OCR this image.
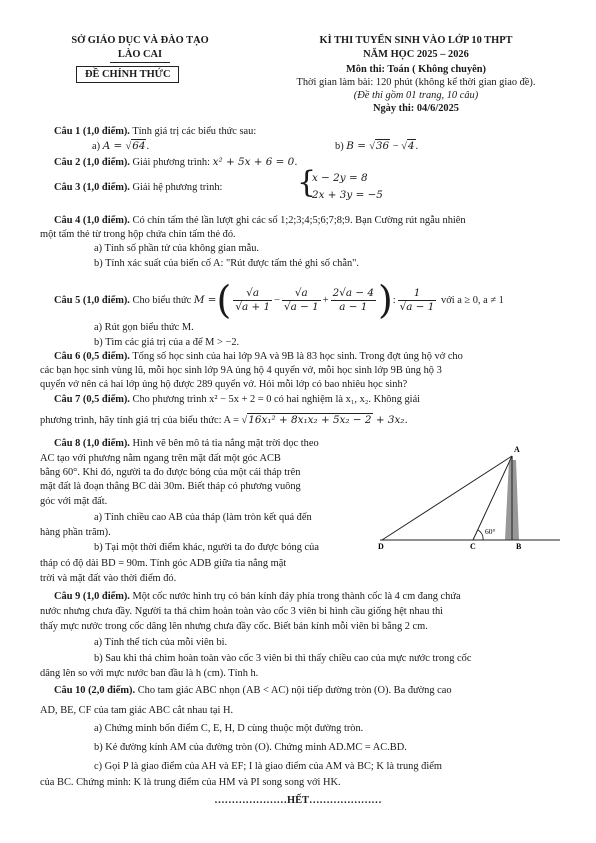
SỞ GIÁO DỤC VÀ ĐÀO TẠO
LÀO CAI
ĐỀ CHÍNH THỨC
KÌ THI TUYỂN SINH VÀO LỚP 10 THPT
NĂM HỌC 2025 – 2026
Môn thi: Toán ( Không chuyên)
Thời gian làm bài: 120 phút (không kể thời gian giao đề).
(Đề thi gồm 01 trang, 10 câu)
Ngày thi: 04/6/2025
Câu 1 (1,0 điểm). Tính giá trị các biểu thức sau:
a) A = √64.	b) B = √36 − √4.
Câu 2 (1,0 điểm). Giải phương trình: x² + 5x + 6 = 0.
Câu 3 (1,0 điểm). Giải hệ phương trình: {
x − 2y = 8
2x + 3y = −5
Câu 4 (1,0 điểm). Có chín tấm thẻ lần lượt ghi các số 1;2;3;4;5;6;7;8;9. Bạn Cường rút ngẫu nhiên
một tấm thẻ từ trong hộp chứa chín tấm thẻ đó.
a) Tính số phần tử của không gian mẫu.
b) Tính xác suất của biến cố A: "Rút được tấm thẻ ghi số chẵn".
Câu 5 (1,0 điểm).
Cho biểu thức
M = ( $\frac{√a}{√a + 1} - \frac{√a}{√a - 1} + \frac{2√a - 4}{a - 1}$ ) : $\frac{1}{√a - 1}$
với a ≥ 0, a ≠ 1
a) Rút gọn biểu thức M.
b) Tìm các giá trị của a để M > −2.
Câu 6 (0,5 điểm). Tổng số học sinh của hai lớp 9A và 9B là 83 học sinh. Trong đợt ủng hộ vở cho
các bạn học sinh vùng lũ, mỗi học sinh lớp 9A ủng hộ 4 quyển vở, mỗi học sinh lớp 9B ủng hộ 3
quyển vở nên cả hai lớp ủng hộ được 289 quyển vở. Hỏi mỗi lớp có bao nhiêu học sinh?
Câu 7 (0,5 điểm). Cho phương trình x² − 5x + 2 = 0 có hai nghiệm là x₁, x₂. Không giải
phương trình, hãy tính giá trị của biểu thức: A = √16x₁² + 8x₁x₂ + 5x₂ − 2 + 3x₂.
Câu 8 (1,0 điểm). Hình vẽ bên mô tả tia nắng mặt trời dọc theo
AC tạo với phương nằm ngang trên mặt đất một góc ACB
bằng 60°. Khi đó, người ta đo được bóng của một cái tháp trên
mặt đất là đoạn thẳng BC dài 30m. Biết tháp có phương vuông
góc với mặt đất.
a) Tính chiều cao AB của tháp (làm tròn kết quả đến
hàng phần trăm).
b) Tại một thời điểm khác, người ta đo được bóng của
tháp có độ dài BD = 90m. Tính góc ADB giữa tia nắng mặt
trời và mặt đất vào thời điểm đó.
A
B
C
D
60°
Câu 9 (1,0 điểm). Một cốc nước hình trụ có bán kính đáy phía trong thành cốc là 4 cm đang chứa
nước nhưng chưa đầy. Người ta thả chìm hoàn toàn vào cốc 3 viên bi hình cầu giống hệt nhau thì
thấy mực nước trong cốc dâng lên nhưng chưa đầy cốc. Biết bán kính mỗi viên bi bằng 2 cm.
a) Tính thể tích của mỗi viên bi.
b) Sau khi thả chìm hoàn toàn vào cốc 3 viên bi thì thấy chiều cao của mực nước trong cốc
dâng lên so với mực nước ban đầu là h (cm). Tính h.
Câu 10 (2,0 điểm). Cho tam giác ABC nhọn (AB < AC) nội tiếp đường tròn (O). Ba đường cao
AD, BE, CF của tam giác ABC cắt nhau tại H.
a) Chứng minh bốn điểm C, E, H, D cùng thuộc một đường tròn.
b) Kẻ đường kính AM của đường tròn (O). Chứng minh AD.MC = AC.BD.
c) Gọi P là giao điểm của AH và EF; I là giao điểm của AM và BC; K là trung điểm
của BC. Chứng minh: K là trung điểm của HM và PI song song với HK.
…………………HẾT…………………
